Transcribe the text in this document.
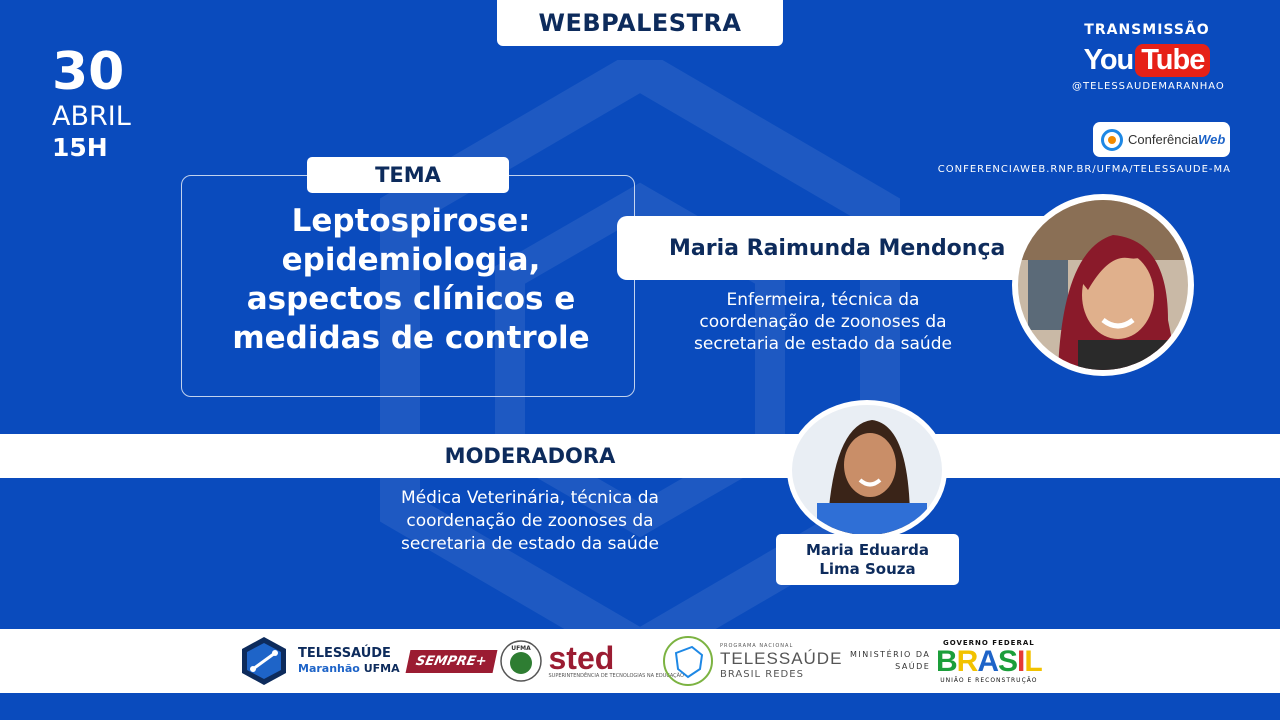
WEBPALESTRA
30
ABRIL
15H
TRANSMISSÃO
You Tube
@TELESSAUDEMARANHAO
ConferênciaWeb
CONFERENCIAWEB.RNP.BR/UFMA/TELESSAUDE-MA
TEMA
Leptospirose:
epidemiologia,
aspectos clínicos e
medidas de controle
Maria Raimunda Mendonça
Enfermeira, técnica da
coordenação de zoonoses da
secretaria de estado da saúde
MODERADORA
Médica Veterinária, técnica da
coordenação de zoonoses da
secretaria de estado da saúde	Maria Eduarda
Lima Souza
TELESSAÚDE
Maranhão UFMA	SEMPRE+
UFMA sted
SUPERINTENDÊNCIA DE TECNOLOGIAS NA EDUCAÇÃO
PROGRAMA NACIONAL
TELESSAÚDE
BRASIL REDES
MINISTÉRIO DA
SAÚDE
GOVERNO FEDERAL
BRASIL
UNIÃO E RECONSTRUÇÃO
